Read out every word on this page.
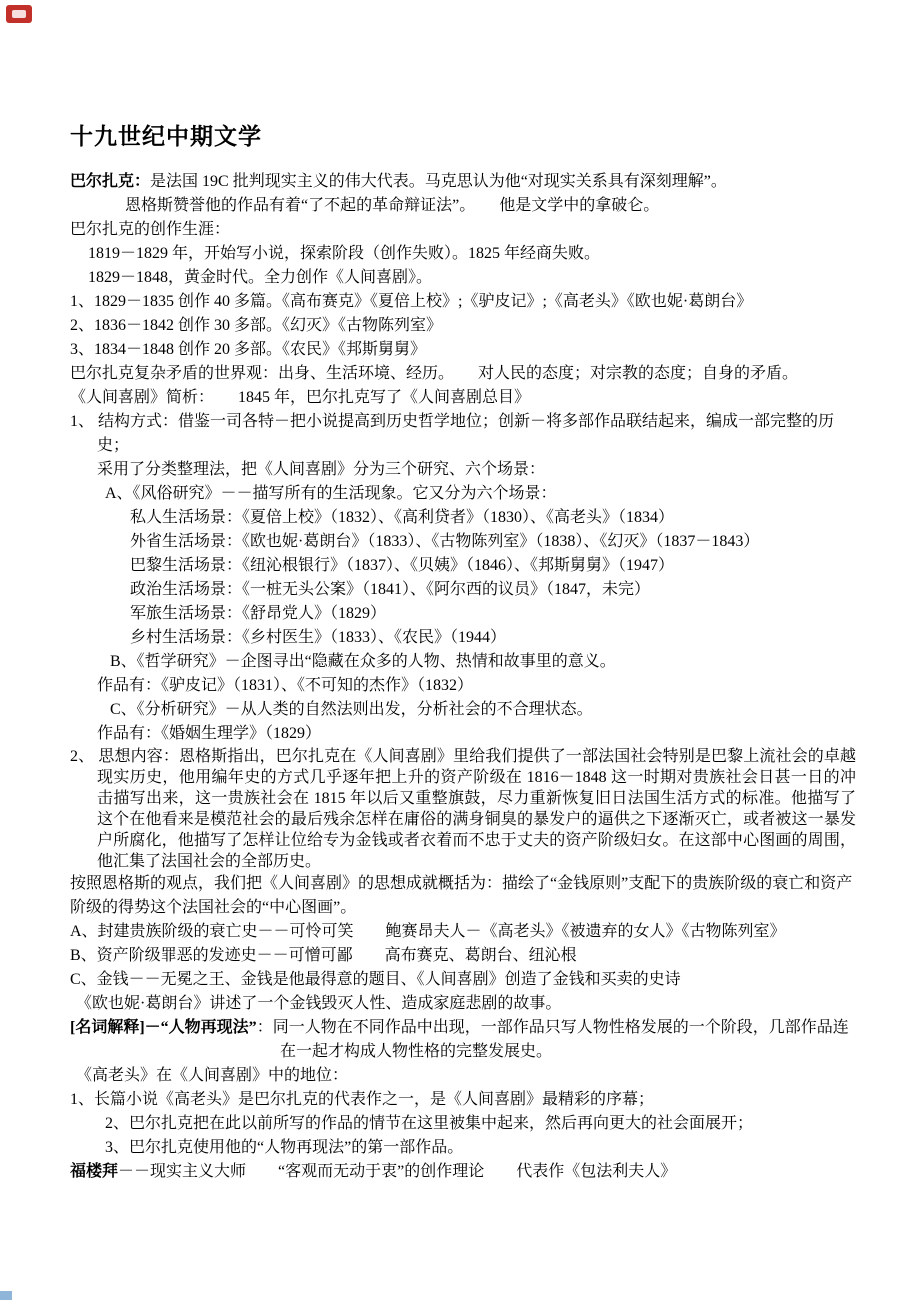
十九世纪中期文学
巴尔扎克：是法国 19C 批判现实主义的伟大代表。马克思认为他“对现实关系具有深刻理解”。
恩格斯赞誉他的作品有着“了不起的革命辩证法”。　　他是文学中的拿破仑。
巴尔扎克的创作生涯：
1819－1829 年，开始写小说，探索阶段（创作失败）。1825 年经商失败。
1829－1848，黄金时代。全力创作《人间喜剧》。
1、1829－1835 创作 40 多篇。《高布赛克》《夏倍上校》;《驴皮记》;《高老头》《欧也妮·葛朗台》
2、1836－1842 创作 30 多部。《幻灭》《古物陈列室》
3、1834－1848 创作 20 多部。《农民》《邦斯舅舅》
巴尔扎克复杂矛盾的世界观：出身、生活环境、经历。　　对人民的态度；对宗教的态度；自身的矛盾。
《人间喜剧》简析：　　1845 年，巴尔扎克写了《人间喜剧总目》
1、 结构方式：借鉴一司各特－把小说提高到历史哲学地位；创新－将多部作品联结起来，编成一部完整的历史；
采用了分类整理法，把《人间喜剧》分为三个研究、六个场景：
A、《风俗研究》－－描写所有的生活现象。它又分为六个场景：
私人生活场景：《夏倍上校》（1832）、《高利贷者》（1830）、《高老头》（1834）
外省生活场景：《欧也妮·葛朗台》（1833）、《古物陈列室》（1838）、《幻灭》（1837－1843）
巴黎生活场景：《纽沁根银行》（1837）、《贝姨》（1846）、《邦斯舅舅》（1947）
政治生活场景：《一桩无头公案》（1841）、《阿尔西的议员》（1847，未完）
军旅生活场景：《舒昂党人》（1829）
乡村生活场景：《乡村医生》（1833）、《农民》（1944）
B、《哲学研究》－企图寻出“隐藏在众多的人物、热情和故事里的意义。
作品有：《驴皮记》（1831）、《不可知的杰作》（1832）
C、《分析研究》－从人类的自然法则出发，分析社会的不合理状态。
作品有：《婚姻生理学》（1829）
2、 思想内容：恩格斯指出，巴尔扎克在《人间喜剧》里给我们提供了一部法国社会特别是巴黎上流社会的卓越现实历史，他用编年史的方式几乎逐年把上升的资产阶级在 1816－1848 这一时期对贵族社会日甚一日的冲击描写出来，这一贵族社会在 1815 年以后又重整旗鼓，尽力重新恢复旧日法国生活方式的标准。他描写了这个在他看来是模范社会的最后残余怎样在庸俗的满身铜臭的暴发户的逼供之下逐渐灭亡，或者被这一暴发户所腐化，他描写了怎样让位给专为金钱或者衣着而不忠于丈夫的资产阶级妇女。在这部中心图画的周围，他汇集了法国社会的全部历史。
按照恩格斯的观点，我们把《人间喜剧》的思想成就概括为：描绘了“金钱原则”支配下的贵族阶级的衰亡和资产阶级的得势这个法国社会的“中心图画”。
A、封建贵族阶级的衰亡史－－可怜可笑　　鲍赛昂夫人－《高老头》《被遗弃的女人》《古物陈列室》
B、资产阶级罪恶的发迹史－－可憎可鄙　　高布赛克、葛朗台、纽沁根
C、金钱－－无冕之王、金钱是他最得意的题目、《人间喜剧》创造了金钱和买卖的史诗
《欧也妮·葛朗台》讲述了一个金钱毁灭人性、造成家庭悲剧的故事。
[名词解释]－“人物再现法”：同一人物在不同作品中出现，一部作品只写人物性格发展的一个阶段，几部作品连在一起才构成人物性格的完整发展史。
《高老头》在《人间喜剧》中的地位：
1、长篇小说《高老头》是巴尔扎克的代表作之一，是《人间喜剧》最精彩的序幕；
2、巴尔扎克把在此以前所写的作品的情节在这里被集中起来，然后再向更大的社会面展开；
3、巴尔扎克使用他的“人物再现法”的第一部作品。
福楼拜－－现实主义大师　　“客观而无动于衷”的创作理论　　代表作《包法利夫人》
